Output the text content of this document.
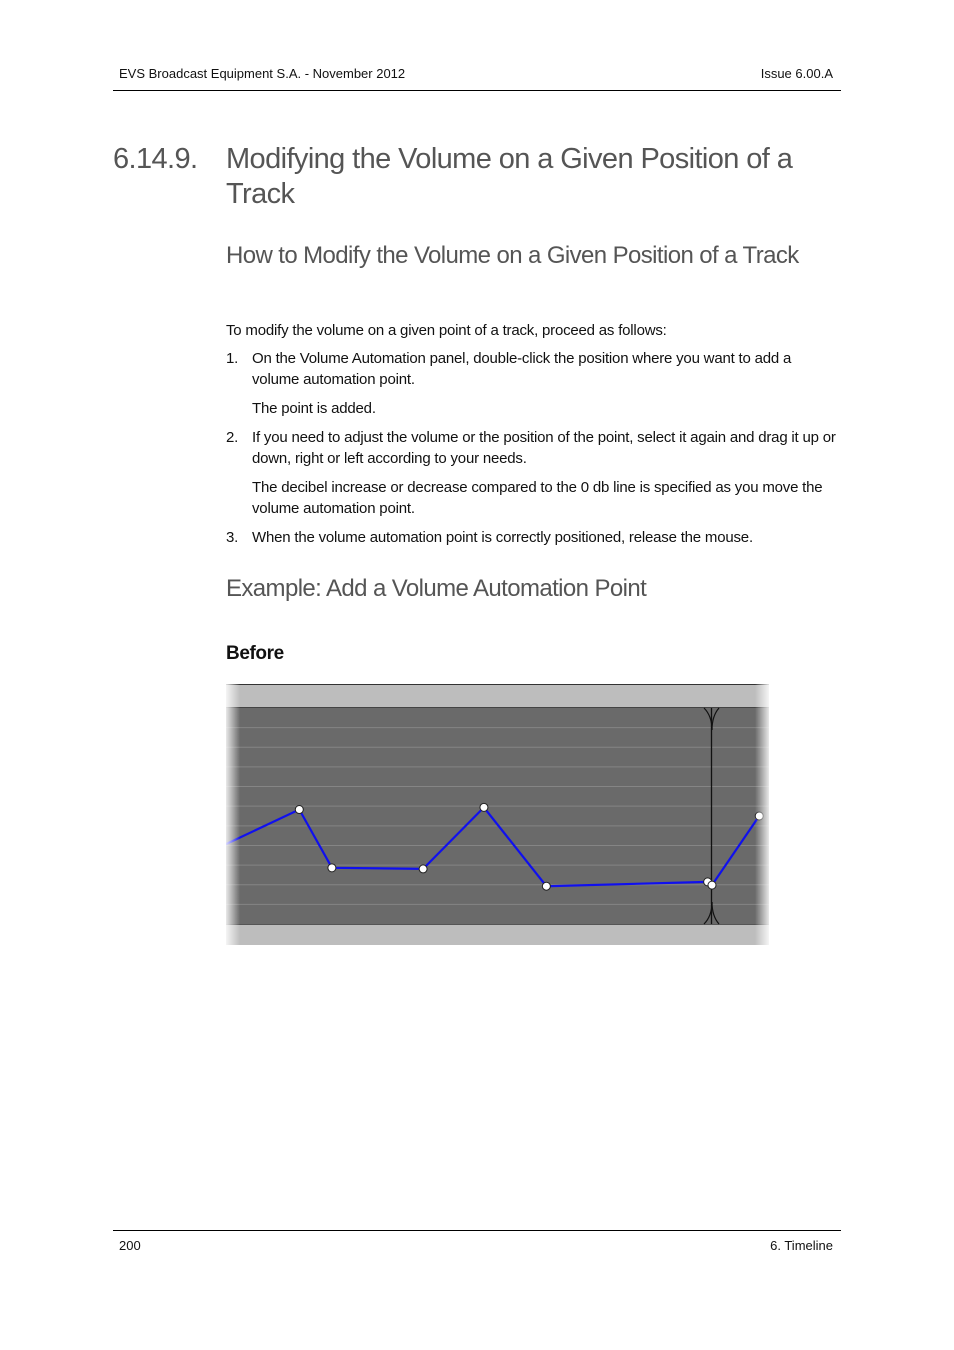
EVS Broadcast Equipment S.A. - November 2012	Issue 6.00.A
6.14.9. Modifying the Volume on a Given Position of a Track
How to Modify the Volume on a Given Position of a Track
To modify the volume on a given point of a track, proceed as follows:
1. On the Volume Automation panel, double-click the position where you want to add a volume automation point.
The point is added.
2. If you need to adjust the volume or the position of the point, select it again and drag it up or down, right or left according to your needs.
The decibel increase or decrease compared to the 0 db line is specified as you move the volume automation point.
3. When the volume automation point is correctly positioned, release the mouse.
Example: Add a Volume Automation Point
Before
200	6. Timeline
